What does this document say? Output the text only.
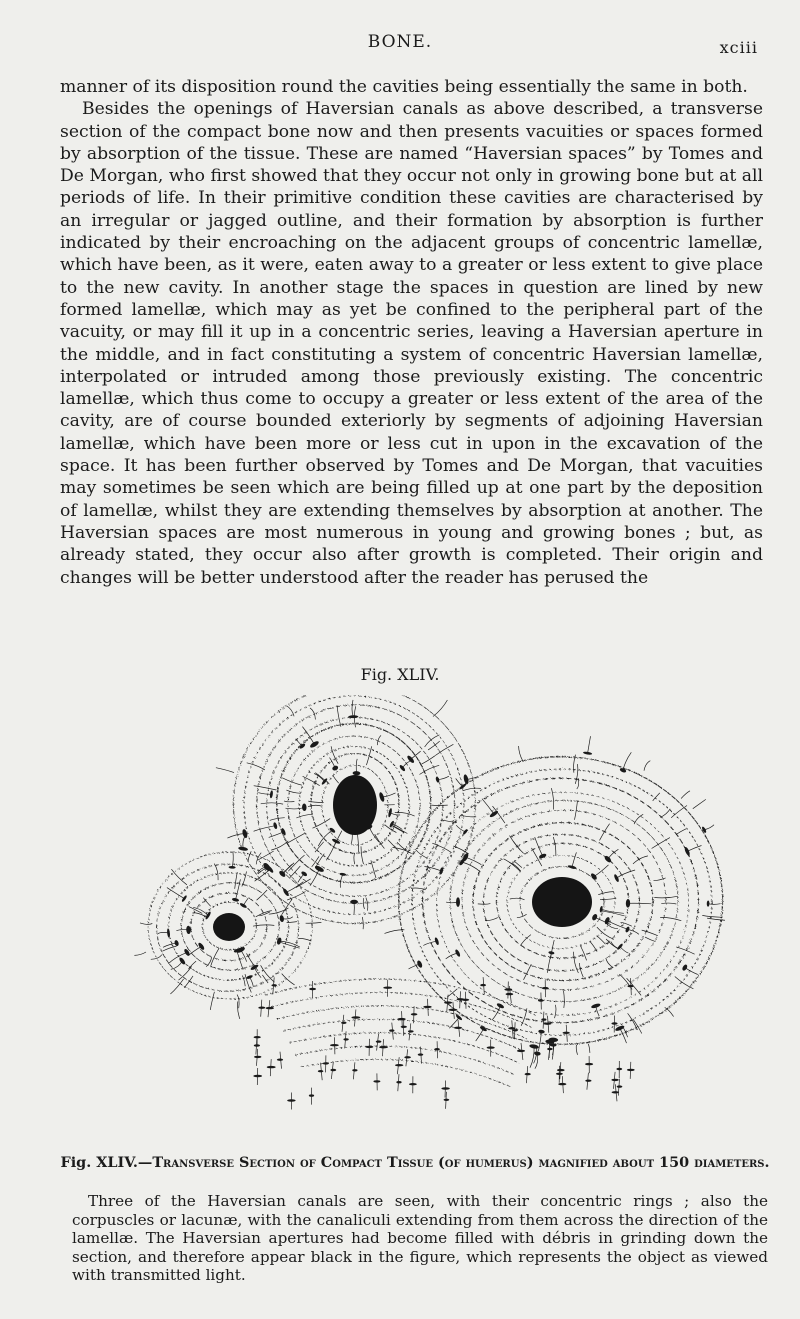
BONE.	xciii

manner of its disposition round the cavities being essentially the same in both.

Besides the openings of Haversian canals as above described, a transverse section of the compact bone now and then presents vacuities or spaces formed by absorption of the tissue. These are named “Haversian spaces” by Tomes and De Morgan, who first showed that they occur not only in growing bone but at all periods of life. In their primitive condition these cavities are characterised by an irregular or jagged outline, and their formation by absorption is further indicated by their encroaching on the adjacent groups of concentric lamellæ, which have been, as it were, eaten away to a greater or less extent to give place to the new cavity. In another stage the spaces in question are lined by new formed lamellæ, which may as yet be confined to the peripheral part of the vacuity, or may fill it up in a concentric series, leaving a Haversian aperture in the middle, and in fact constituting a system of concentric Haversian lamellæ, interpolated or intruded among those previously existing. The concentric lamellæ, which thus come to occupy a greater or less extent of the area of the cavity, are of course bounded exteriorly by segments of adjoining Haversian lamellæ, which have been more or less cut in upon in the excavation of the space. It has been further observed by Tomes and De Morgan, that vacuities may sometimes be seen which are being filled up at one part by the deposition of lamellæ, whilst they are extending themselves by absorption at another. The Haversian spaces are most numerous in young and growing bones ; but, as already stated, they occur also after growth is completed. Their origin and changes will be better understood after the reader has perused the

Fig. XLIV.
Fig. XLIV.—Transverse Section of Compact Tissue (of humerus) magnified about 150 diameters.

Three of the Haversian canals are seen, with their concentric rings ; also the corpuscles or lacunæ, with the canaliculi extending from them across the direction of the lamellæ. The Haversian apertures had become filled with débris in grinding down the section, and therefore appear black in the figure, which represents the object as viewed with transmitted light.
